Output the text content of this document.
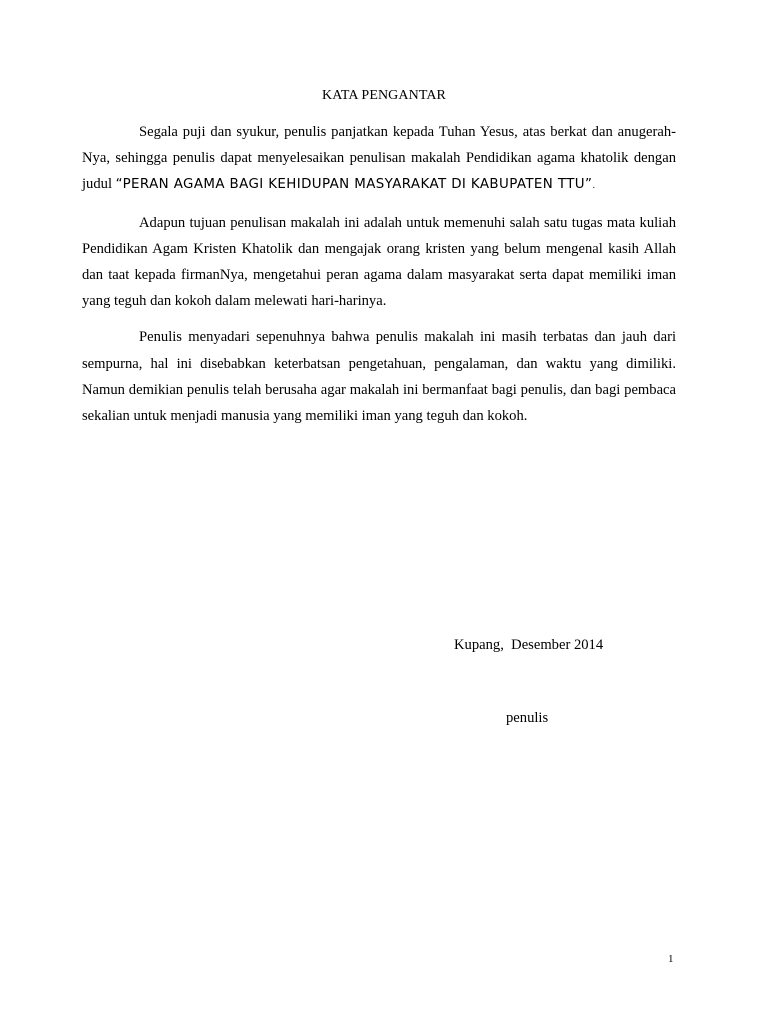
KATA PENGANTAR

Segala puji dan syukur, penulis panjatkan kepada Tuhan Yesus, atas berkat dan anugerah-Nya, sehingga penulis dapat menyelesaikan penulisan makalah Pendidikan agama khatolik dengan judul “PERAN AGAMA BAGI KEHIDUPAN MASYARAKAT DI KABUPATEN TTU”.

Adapun tujuan penulisan makalah ini adalah untuk memenuhi salah satu tugas mata kuliah Pendidikan Agam Kristen Khatolik dan mengajak orang kristen yang belum mengenal kasih Allah dan taat kepada firmanNya, mengetahui peran agama dalam masyarakat serta dapat memiliki iman yang teguh dan kokoh dalam melewati hari-harinya.

Penulis menyadari sepenuhnya bahwa penulis makalah ini masih terbatas dan jauh dari sempurna, hal ini disebabkan keterbatsan pengetahuan, pengalaman, dan waktu yang dimiliki. Namun demikian penulis telah berusaha agar makalah ini bermanfaat bagi penulis, dan bagi pembaca sekalian untuk menjadi manusia yang memiliki iman yang teguh dan kokoh.

Kupang,  Desember 2014

penulis

1
